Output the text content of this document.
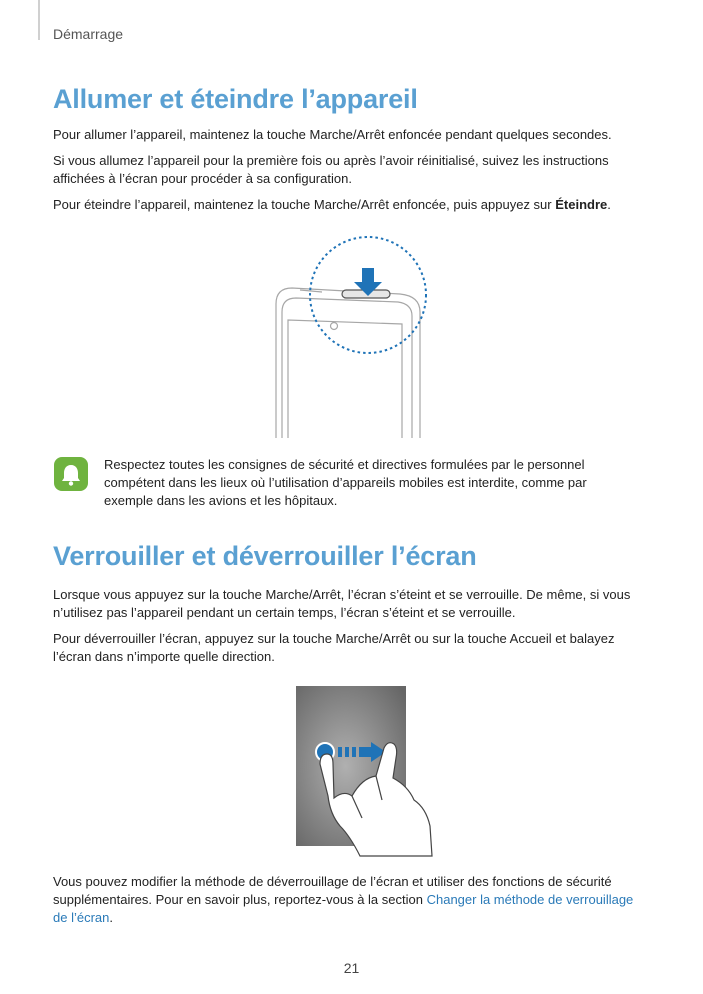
Démarrage
Allumer et éteindre l’appareil

Pour allumer l’appareil, maintenez la touche Marche/Arrêt enfoncée pendant quelques secondes.

Si vous allumez l’appareil pour la première fois ou après l’avoir réinitialisé, suivez les instructions affichées à l’écran pour procéder à sa configuration.

Pour éteindre l’appareil, maintenez la touche Marche/Arrêt enfoncée, puis appuyez sur Éteindre.

Respectez toutes les consignes de sécurité et directives formulées par le personnel compétent dans les lieux où l’utilisation d’appareils mobiles est interdite, comme par exemple dans les avions et les hôpitaux.

Verrouiller et déverrouiller l’écran

Lorsque vous appuyez sur la touche Marche/Arrêt, l’écran s’éteint et se verrouille. De même, si vous n’utilisez pas l’appareil pendant un certain temps, l’écran s’éteint et se verrouille.

Pour déverrouiller l’écran, appuyez sur la touche Marche/Arrêt ou sur la touche Accueil et balayez l’écran dans n’importe quelle direction.

Vous pouvez modifier la méthode de déverrouillage de l’écran et utiliser des fonctions de sécurité supplémentaires. Pour en savoir plus, reportez-vous à la section Changer la méthode de verrouillage de l’écran.

21
